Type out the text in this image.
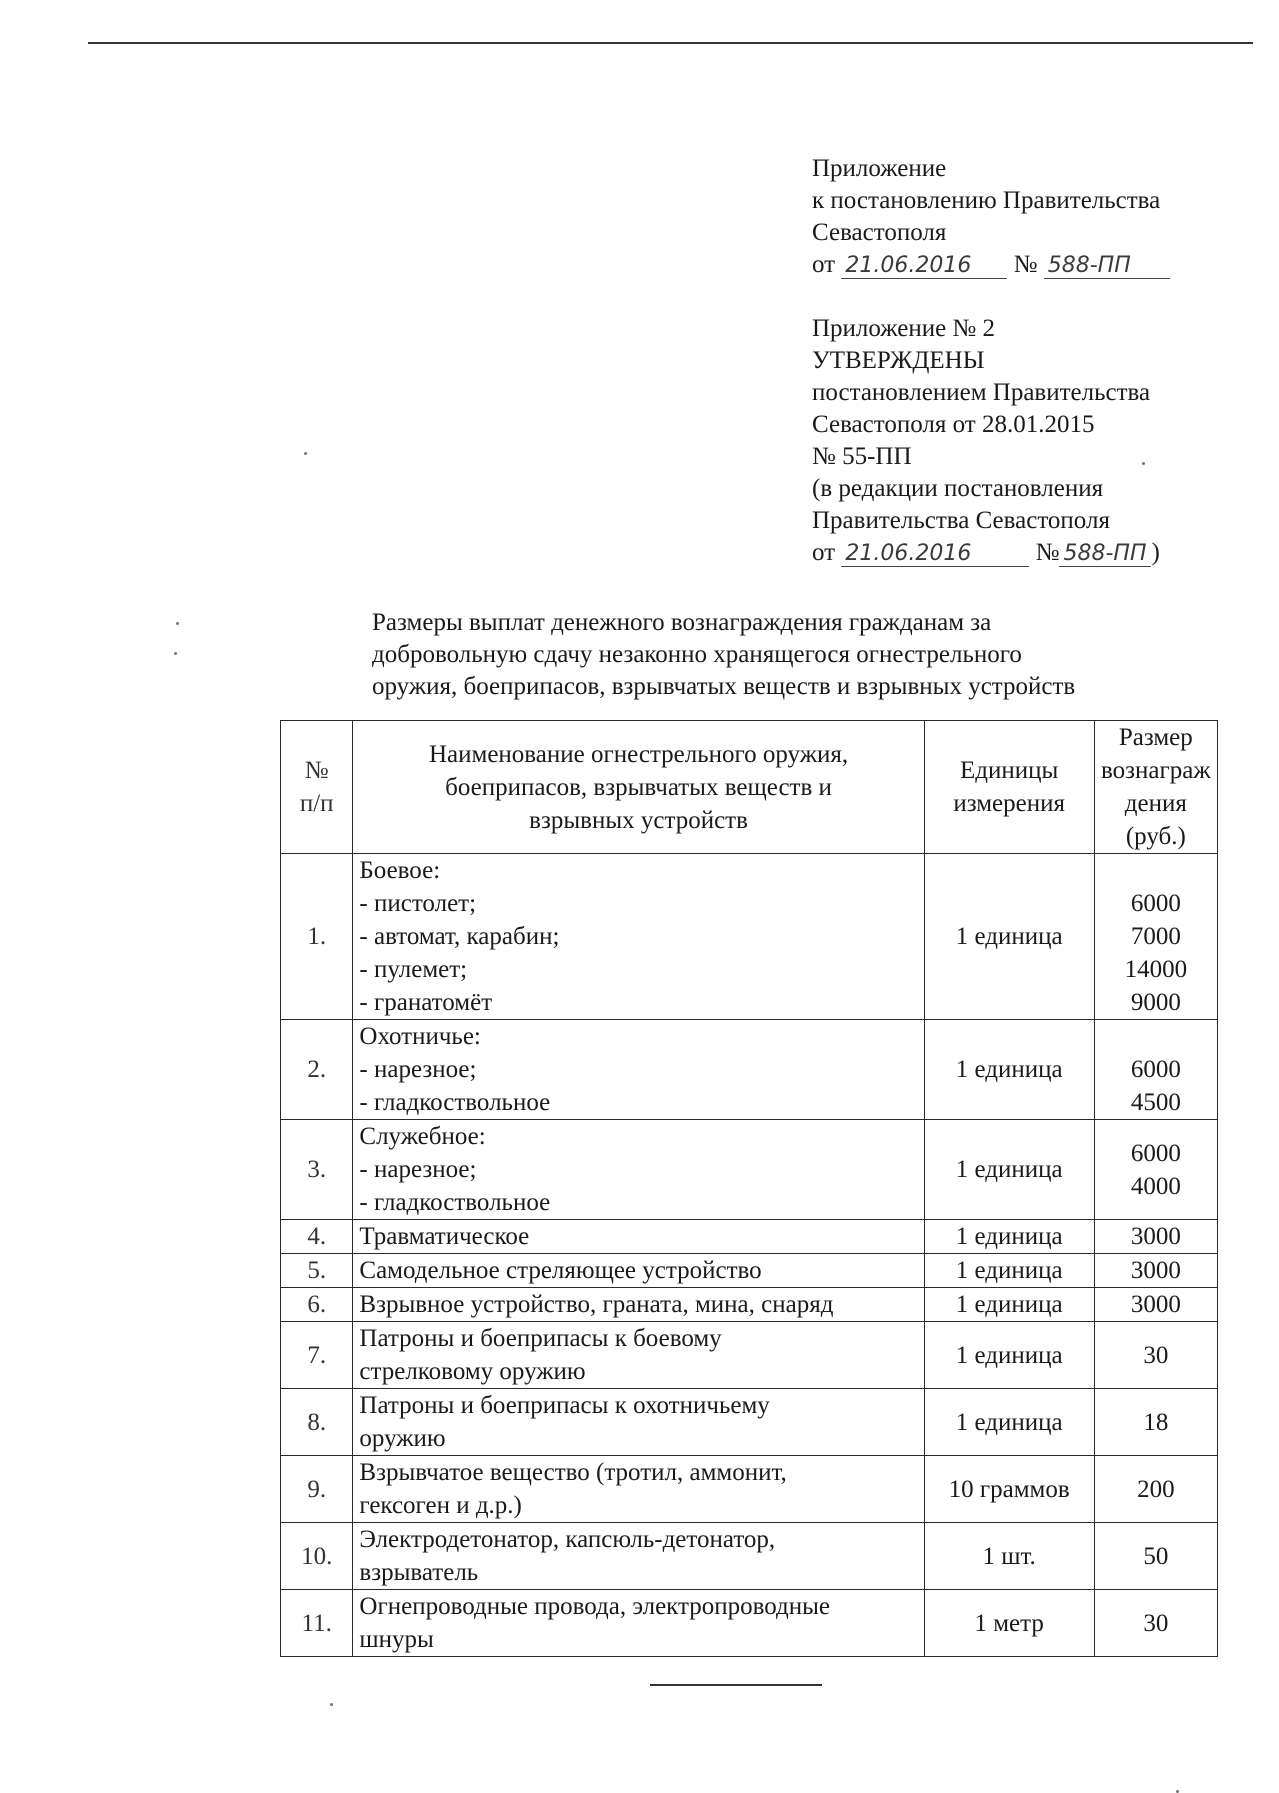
Приложение
к постановлению Правительства
Севастополя
от 21.06.2016 № 588-ПП
Приложение № 2
УТВЕРЖДЕНЫ
постановлением Правительства
Севастополя от 28.01.2015
№ 55-ПП
(в редакции постановления
Правительства Севастополя
от 21.06.2016	№ 588-ПП )
Размеры выплат денежного вознаграждения гражданам за
добровольную сдачу незаконно хранящегося огнестрельного
оружия, боеприпасов, взрывчатых веществ и взрывных устройств
№
п/п	Наименование огнестрельного оружия,
боеприпасов, взрывчатых веществ и
взрывных устройств	Единицы
измерения	Размер
вознаграж
дения
(руб.)

1.	Боевое:
- пистолет;
- автомат, карабин;
- пулемет;
- гранатомёт	1 единица	6000
7000
14000
9000

2.	Охотничье:
- нарезное;
- гладкоствольное	1 единица	6000
4500

3.	Служебное:
- нарезное;
- гладкоствольное	1 единица	6000
4000

4.	Травматическое	1 единица	3000
5.	Самодельное стреляющее устройство	1 единица	3000
6.	Взрывное устройство, граната, мина, снаряд	1 единица	3000
7.	Патроны и боеприпасы к боевому
стрелковому оружию	1 единица	30
8.	Патроны и боеприпасы к охотничьему
оружию	1 единица	18
9.	Взрывчатое вещество (тротил, аммонит,
гексоген и д.р.)	10 граммов	200
10.	Электродетонатор, капсюль-детонатор,
взрыватель	1 шт.	50
11.	Огнепроводные провода, электропроводные
шнуры	1 метр	30
